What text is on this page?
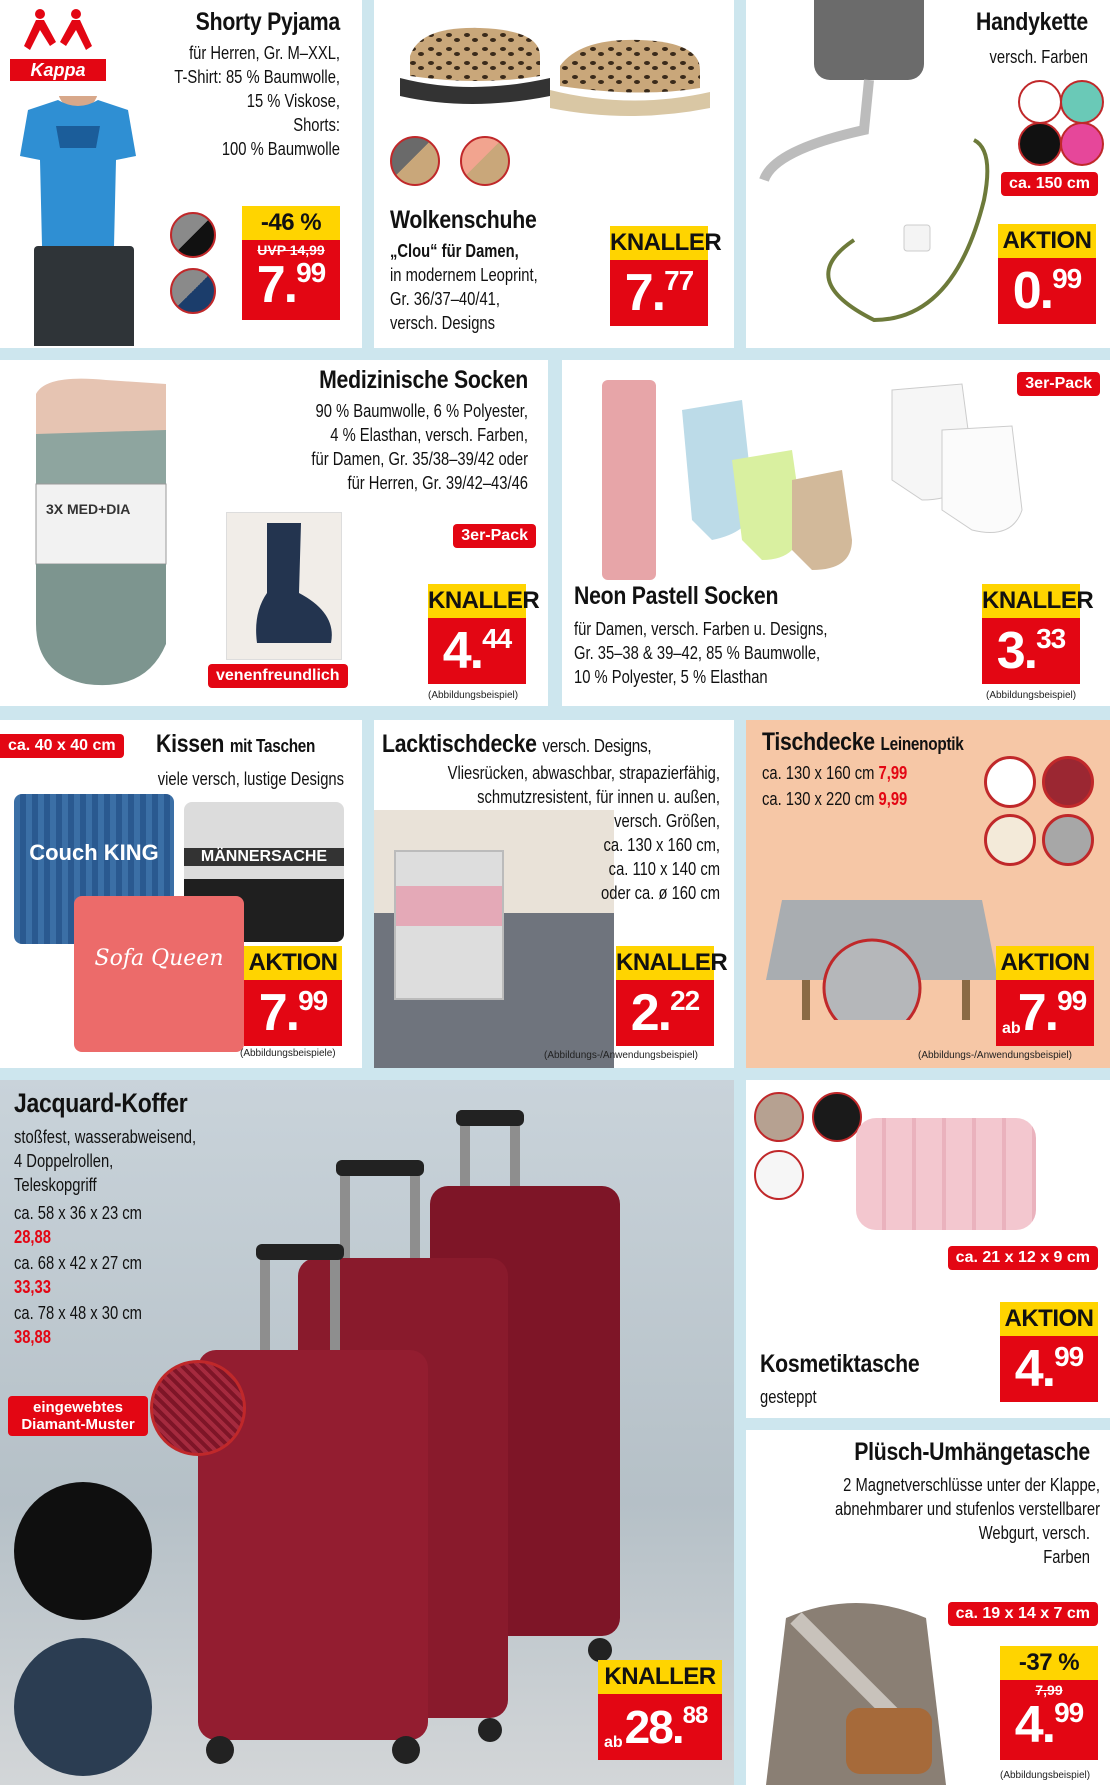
Kappa
Shorty Pyjama
für Herren, Gr. M–XXL,
T-Shirt: 85 % Baumwolle,
15 % Viskose,
Shorts:
100 % Baumwolle
-46 %
UVP 14,99
7.99
Wolkenschuhe
„Clou“ für Damen,
in modernem Leoprint,
Gr. 36/37–40/41,
versch. Designs
KNALLER
7.77
Handykette
versch. Farben
ca. 150 cm
AKTION
0.99
3X MED+DIA
venenfreundlich
Medizinische Socken
90 % Baumwolle, 6 % Polyester,
4 % Elasthan, versch. Farben,
für Damen, Gr. 35/38–39/42 oder
für Herren, Gr. 39/42–43/46
3er-Pack
KNALLER
4.44
(Abbildungsbeispiel)
3er-Pack
Neon Pastell Socken
für Damen, versch. Farben u. Designs,
Gr. 35–38 & 39–42, 85 % Baumwolle,
10 % Polyester, 5 % Elasthan
KNALLER
3.33
(Abbildungsbeispiel)
ca. 40 x 40 cm	Kissen mit Taschen
viele versch, lustige Designs
Couch KING	MÄNNERSACHE
Sofa Queen	AKTION
7.99
(Abbildungsbeispiele)
Lacktischdecke versch. Designs,
Vliesrücken, abwaschbar, strapazierfähig,
schmutzresistent, für innen u. außen,
versch. Größen,
ca. 130 x 160 cm,
ca. 110 x 140 cm
oder ca. ø 160 cm
KNALLER
2.22
(Abbildungs-/Anwendungsbeispiel)
Tischdecke Leinenoptik
ca. 130 x 160 cm 7,99
ca. 130 x 220 cm 9,99
AKTION
ab
7.99
(Abbildungs-/Anwendungsbeispiel)
Jacquard-Koffer
stoßfest, wasserabweisend,
4 Doppelrollen,
Teleskopgriff
ca. 58 x 36 x 23 cm
28,88
ca. 68 x 42 x 27 cm
33,33
ca. 78 x 48 x 30 cm
38,88
eingewebtes Diamant-Muster
KNALLER
ab 28.88
ca. 21 x 12 x 9 cm
Kosmetiktasche
gesteppt
AKTION
4.99
Plüsch-Umhängetasche
2 Magnetverschlüsse unter der Klappe,
abnehmbarer und stufenlos verstellbarer
Webgurt, versch.
Farben
ca. 19 x 14 x 7 cm
-37 %
7,99
4.99
(Abbildungsbeispiel)
